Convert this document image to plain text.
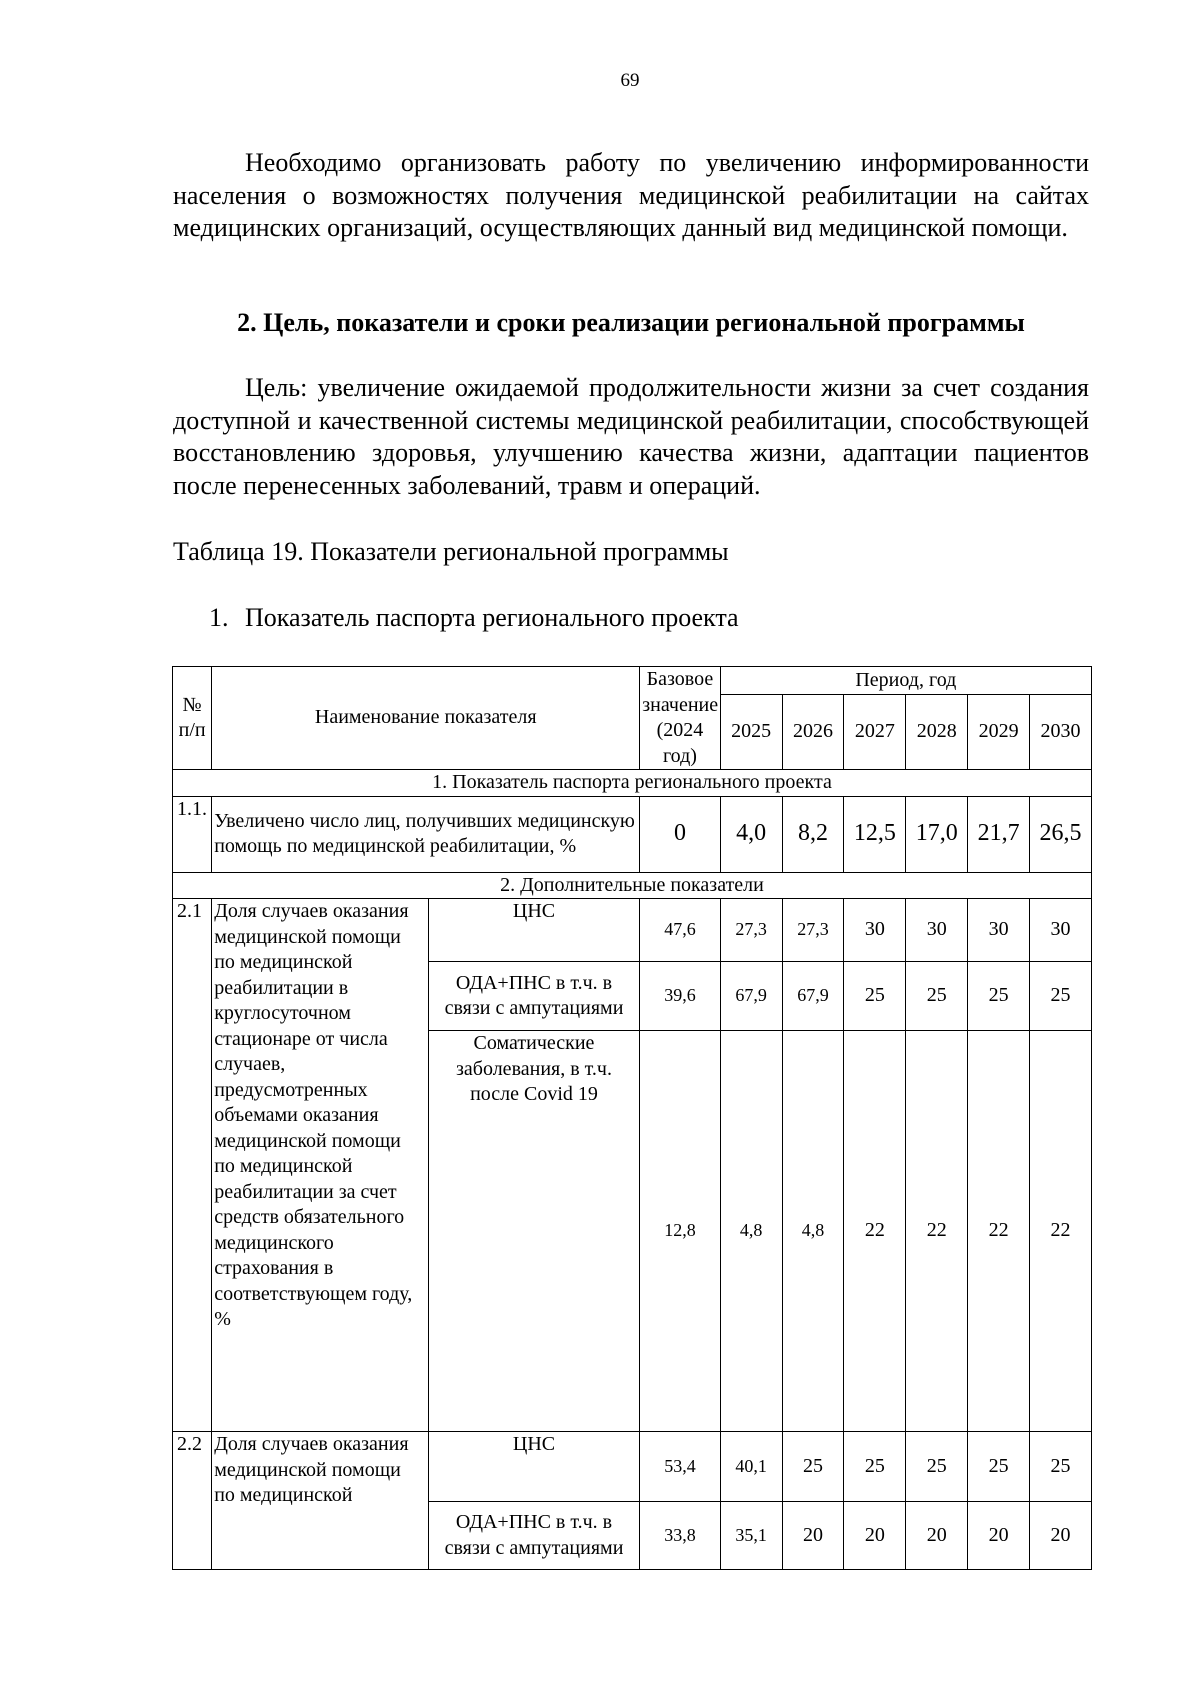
69
Необходимо организовать работу по увеличению информированности населения о возможностях получения медицинской реабилитации на сайтах медицинских организаций, осуществляющих данный вид медицинской помощи.
2. Цель, показатели и сроки реализации региональной программы
Цель: увеличение ожидаемой продолжительности жизни за счет создания доступной и качественной системы медицинской реабилитации, способствующей восстановлению здоровья, улучшению качества жизни, адаптации пациентов после перенесенных заболеваний, травм и операций.

Таблица 19. Показатели региональной программы

1. Показатель паспорта регионального проекта

№ п/п	Наименование показателя		Базовое значение (2024 год)	Период, год					
				2025	2026	2027	2028	2029	2030
1. Показатель паспорта регионального проекта									
1.1.	Увеличено число лиц, получивших медицинскую помощь по медицинской реабилитации, %		0	4,0	8,2	12,5	17,0	21,7	26,5
2. Дополнительные показатели									
2.1	Доля случаев оказания медицинской помощи по медицинской реабилитации в круглосуточном стационаре от числа случаев, предусмотренных объемами оказания медицинской помощи по медицинской реабилитации за счет средств обязательного медицинского страхования в соответствующем году, %	ЦНС	47,6	27,3	27,3	30	30	30	30
		ОДА+ПНС в т.ч. в связи с ампутациями	39,6	67,9	67,9	25	25	25	25
		Соматические заболевания, в т.ч. после Covid 19	12,8	4,8	4,8	22	22	22	22
2.2	Доля случаев оказания медицинской помощи по медицинской	ЦНС	53,4	40,1	25	25	25	25	25
		ОДА+ПНС в т.ч. в связи с ампутациями	33,8	35,1	20	20	20	20	20
